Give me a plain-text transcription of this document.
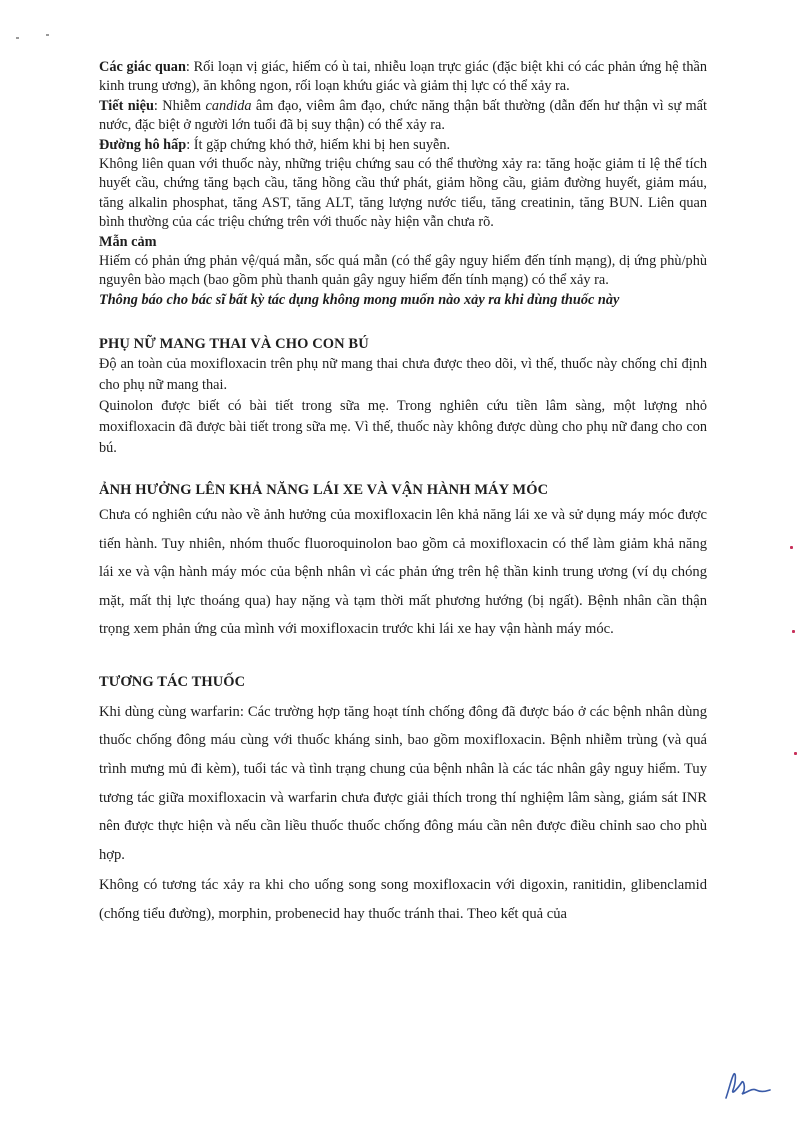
Các giác quan: Rối loạn vị giác, hiếm có ù tai, nhiễu loạn trực giác (đặc biệt khi có các phản ứng hệ thần kinh trung ương), ăn không ngon, rối loạn khứu giác và giảm thị lực có thể xảy ra.

Tiết niệu: Nhiễm candida âm đạo, viêm âm đạo, chức năng thận bất thường (dẫn đến hư thận vì sự mất nước, đặc biệt ở người lớn tuổi đã bị suy thận) có thể xảy ra.

Đường hô hấp: Ít gặp chứng khó thở, hiếm khi bị hen suyễn.

Không liên quan với thuốc này, những triệu chứng sau có thể thường xảy ra: tăng hoặc giảm tỉ lệ thể tích huyết cầu, chứng tăng bạch cầu, tăng hồng cầu thứ phát, giảm hồng cầu, giảm đường huyết, giảm máu, tăng alkalin phosphat, tăng AST, tăng ALT, tăng lượng nước tiểu, tăng creatinin, tăng BUN. Liên quan bình thường của các triệu chứng trên với thuốc này hiện vẫn chưa rõ.

Mẫn cảm

Hiếm có phản ứng phản vệ/quá mẫn, sốc quá mẫn (có thể gây nguy hiểm đến tính mạng), dị ứng phù/phù nguyên bào mạch (bao gồm phù thanh quản gây nguy hiểm đến tính mạng) có thể xảy ra.

Thông báo cho bác sĩ bất kỳ tác dụng không mong muốn nào xảy ra khi dùng thuốc này

PHỤ NỮ MANG THAI VÀ CHO CON BÚ

Độ an toàn của moxifloxacin trên phụ nữ mang thai chưa được theo dõi, vì thế, thuốc này chống chỉ định cho phụ nữ mang thai.

Quinolon được biết có bài tiết trong sữa mẹ. Trong nghiên cứu tiền lâm sàng, một lượng nhỏ moxifloxacin đã được bài tiết trong sữa mẹ. Vì thế, thuốc này không được dùng cho phụ nữ đang cho con bú.

ẢNH HƯỞNG LÊN KHẢ NĂNG LÁI XE VÀ VẬN HÀNH MÁY MÓC

Chưa có nghiên cứu nào về ảnh hưởng của moxifloxacin lên khả năng lái xe và sử dụng máy móc được tiến hành. Tuy nhiên, nhóm thuốc fluoroquinolon bao gồm cả moxifloxacin có thể làm giảm khả năng lái xe và vận hành máy móc của bệnh nhân vì các phản ứng trên hệ thần kinh trung ương (ví dụ chóng mặt, mất thị lực thoáng qua) hay nặng và tạm thời mất phương hướng (bị ngất). Bệnh nhân cần thận trọng xem phản ứng của mình với moxifloxacin trước khi lái xe hay vận hành máy móc.

TƯƠNG TÁC THUỐC

Khi dùng cùng warfarin: Các trường hợp tăng hoạt tính chống đông đã được báo ở các bệnh nhân dùng thuốc chống đông máu cùng với thuốc kháng sinh, bao gồm moxifloxacin. Bệnh nhiễm trùng (và quá trình mưng mủ đi kèm), tuổi tác và tình trạng chung của bệnh nhân là các tác nhân gây nguy hiểm. Tuy tương tác giữa moxifloxacin và warfarin chưa được giải thích trong thí nghiệm lâm sàng, giám sát INR nên được thực hiện và nếu cần liều thuốc thuốc chống đông máu cần nên được điều chỉnh sao cho phù hợp.

Không có tương tác xảy ra khi cho uống song song moxifloxacin với digoxin, ranitidin, glibenclamid (chống tiểu đường), morphin, probenecid hay thuốc tránh thai. Theo kết quả của
